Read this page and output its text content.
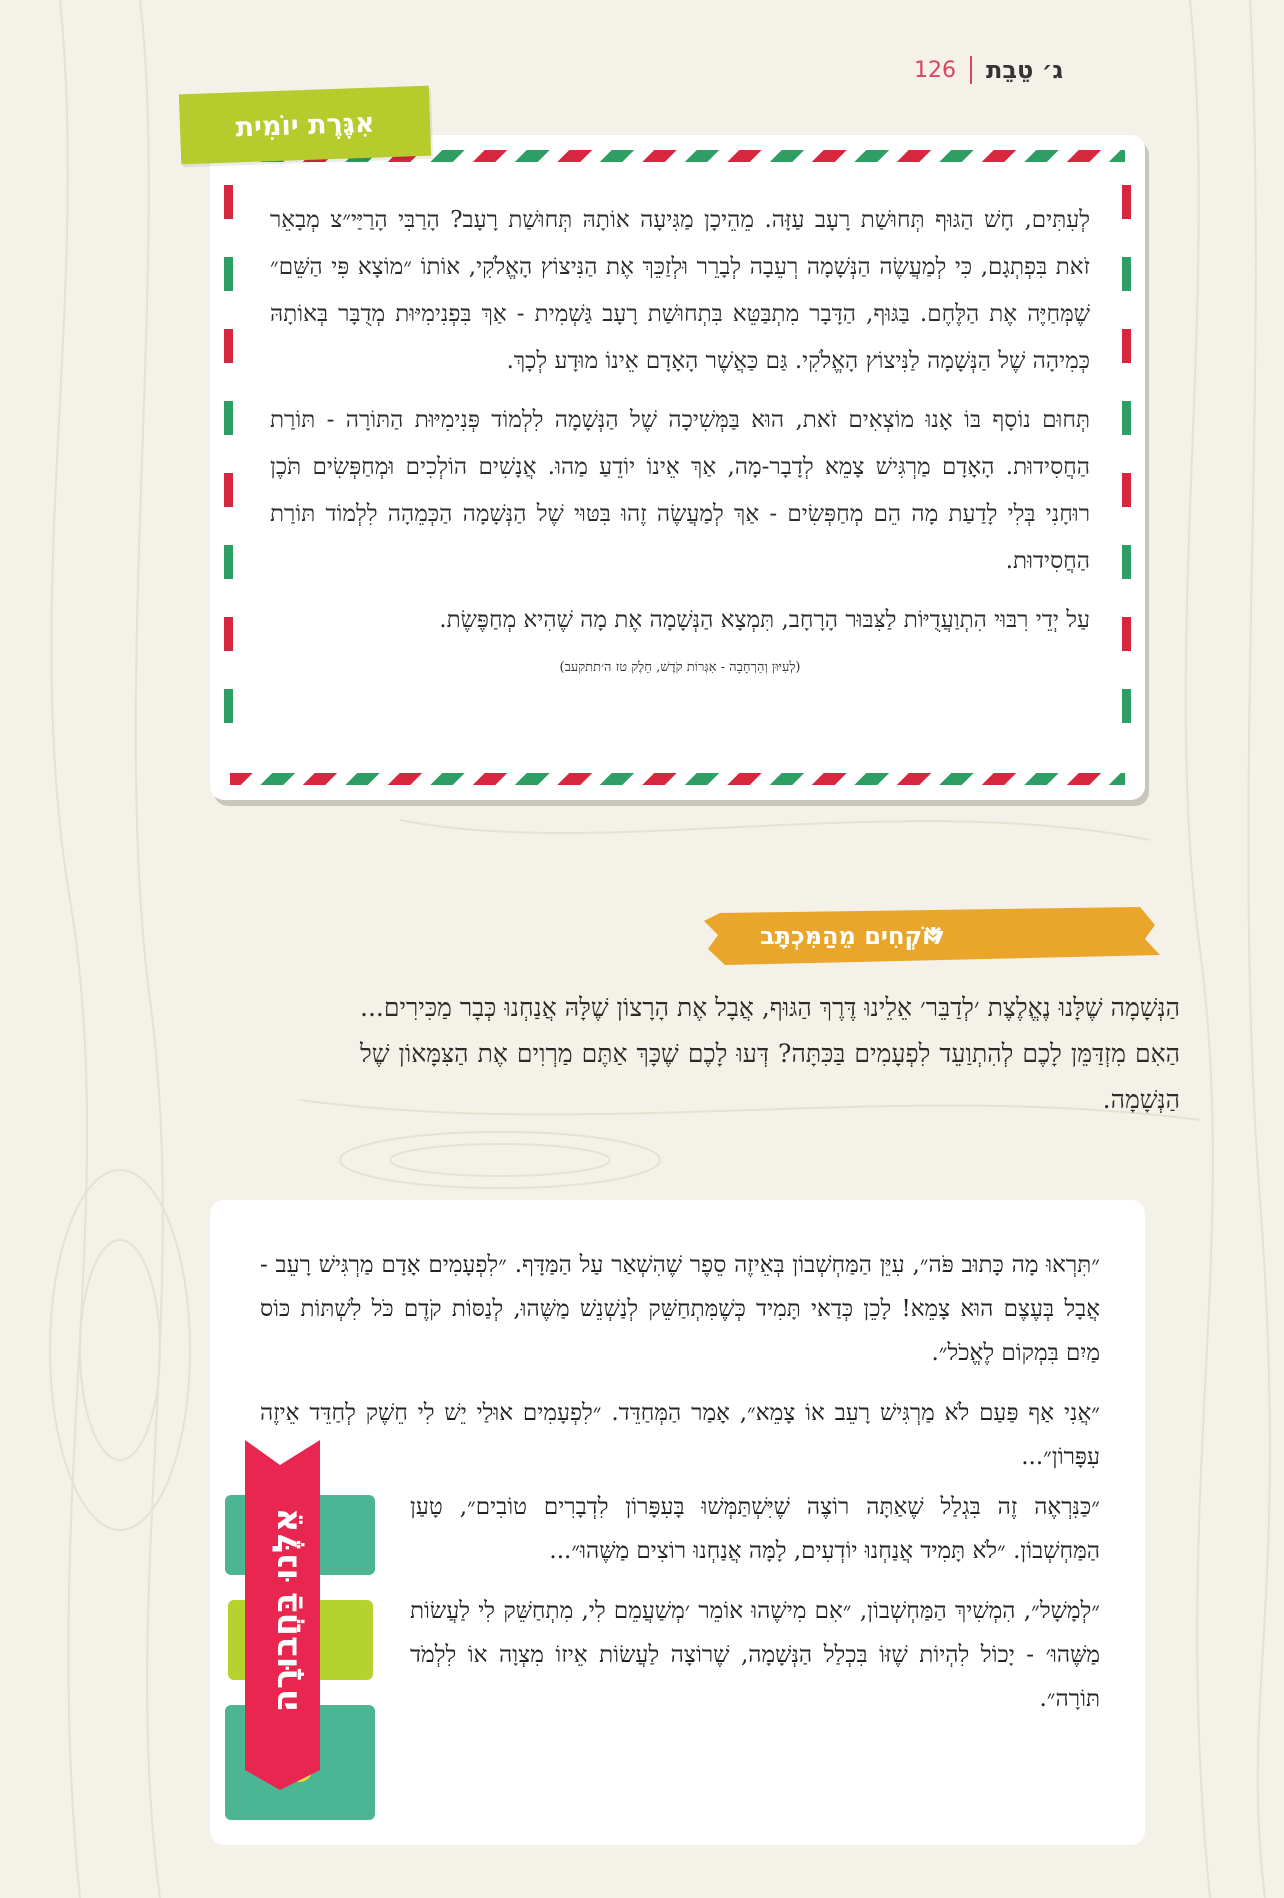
ג׳ טֵבֵת
126

לְעִתִּים, חָשׁ הַגּוּף תְּחוּשַׁת רָעָב עַזָּה. מֵהֵיכָן מַגִּיעָה אוֹתָהּ תְּחוּשַׁת רָעָב? הָרַבִּי הָרַיַּי״צ מְבָאֵר זֹאת בִּפְתְגָם, כִּי לְמַעֲשֶׂה הַנְּשָׁמָה רְעֵבָה לְבָרֵר וּלְזַכֵּךְ אֶת הַנִּיצוֹץ הָאֱלֹקִי, אוֹתוֹ ״מוֹצָא פִּי הַשֵּׁם״ שֶׁמְּחַיֶּה אֶת הַלֶּחֶם. בַּגּוּף, הַדָּבָר מִתְבַּטֵּא בִּתְחוּשַׁת רָעָב גַּשְׁמִית - אַךְ בִּפְנִימִיּוּת מְדֻבָּר בְּאוֹתָהּ כְּמִיהָה שֶׁל הַנְּשָׁמָה לַנִּיצוֹץ הָאֱלֹקִי. גַּם כַּאֲשֶׁר הָאָדָם אֵינוֹ מוּדָע לְכָךְ.

תְּחוּם נוֹסָף בּוֹ אָנוּ מוֹצְאִים זֹאת, הוּא בַּמְּשִׁיכָה שֶׁל הַנְּשָׁמָה לִלְמוֹד פְּנִימִיּוּת הַתּוֹרָה - תּוֹרַת הַחֲסִידוּת. הָאָדָם מַרְגִּישׁ צָמֵא לְדָבָר-מָה, אַךְ אֵינוֹ יוֹדֵעַ מַהוּ. אֲנָשִׁים הוֹלְכִים וּמְחַפְּשִׂים תֹּכֶן רוּחָנִי בְּלִי לָדַעַת מָה הֵם מְחַפְּשִׂים - אַךְ לְמַעֲשֶׂה זֶהוּ בִּטּוּי שֶׁל הַנְּשָׁמָה הַכְּמֵהָה לִלְמוֹד תּוֹרַת הַחֲסִידוּת.

עַל יְדֵי רִבּוּי הִתְוַעֲדֻיּוֹת לַצִּבּוּר הָרָחָב, תִּמְצָא הַנְּשָׁמָה אֶת מָה שֶׁהִיא מְחַפֶּשֶׂת.

(לְעִיּוּן וְהַרְחָבָה - אִגְּרוֹת קֹדֶשׁ, חֵלֶק טז ה׳תתקעב)

אִגֶּרֶת יוֹמִית
לוֹקְחִים מֵהַמִּכְתָּב
הַנְּשָׁמָה שֶׁלָּנוּ נֶאֱלֶצֶת ׳לְדַבֵּר׳ אֵלֵינוּ דֶּרֶךְ הַגּוּף, אֲבָל אֶת הָרָצוֹן שֶׁלָּהּ אֲנַחְנוּ כְּבָר מַכִּירִים... הַאִם מִזְדַּמֵּן לָכֶם לְהִתְוַעֵד לִפְעָמִים בַּכִּתָּה? דְּעוּ לָכֶם שֶׁכָּךְ אַתֶּם מַרְוִים אֶת הַצִּמָּאוֹן שֶׁל הַנְּשָׁמָה.

״תִּרְאוּ מָה כָּתוּב פֹּה״, עִיֵּן הַמַּחְשְׁבוֹן בְּאֵיזֶה סֵפֶר שֶׁהִשְׁאַר עַל הַמַּדָּף. ״לִפְעָמִים אָדָם מַרְגִּישׁ רָעֵב - אֲבָל בְּעֶצֶם הוּא צָמֵא! לָכֵן כְּדַאי תָּמִיד כְּשֶׁמִּתְחַשֵּׁק לְנַשְׁנֵשׁ מַשֶּׁהוּ, לְנַסּוֹת קֹדֶם כֹּל לִשְׁתּוֹת כּוֹס מַיִם בִּמְקוֹם לֶאֱכֹל״.

״אֲנִי אַף פַּעַם לֹא מַרְגִּישׁ רָעֵב אוֹ צָמֵא״, אָמַר הַמְּחַדֵּד. ״לִפְעָמִים אוּלַי יֵשׁ לִי חֵשֶׁק לְחַדֵּד אֵיזֶה עִפָּרוֹן״...

״כַּנִּרְאֶה זֶה בִּגְלַל שֶׁאַתָּה רוֹצֶה שֶׁיִּשְׁתַּמְּשׁוּ בָּעִפָּרוֹן לִדְבָרִים טוֹבִים״, טָעַן הַמַּחְשְׁבוֹן. ״לֹא תָּמִיד אֲנַחְנוּ יוֹדְעִים, לָמָּה אֲנַחְנוּ רוֹצִים מַשֶּׁהוּ״...

״לְמָשָׁל״, הִמְשִׁיךְ הַמַּחְשְׁבוֹן, ״אִם מִישֶׁהוּ אוֹמֵר ׳מְשַׁעֲמֵם לִי, מִתְחַשֵּׁק לִי לַעֲשׂוֹת מַשֶּׁהוּ׳ - יָכוֹל לִהְיוֹת שֶׁזּוֹ בִּכְלַל הַנְּשָׁמָה, שֶׁרוֹצָה לַעֲשׂוֹת אֵיזוֹ מִצְוָה אוֹ לִלְמֹד תּוֹרָה״.

אֵלֶּנוּ בַּחֲבוּרָה
